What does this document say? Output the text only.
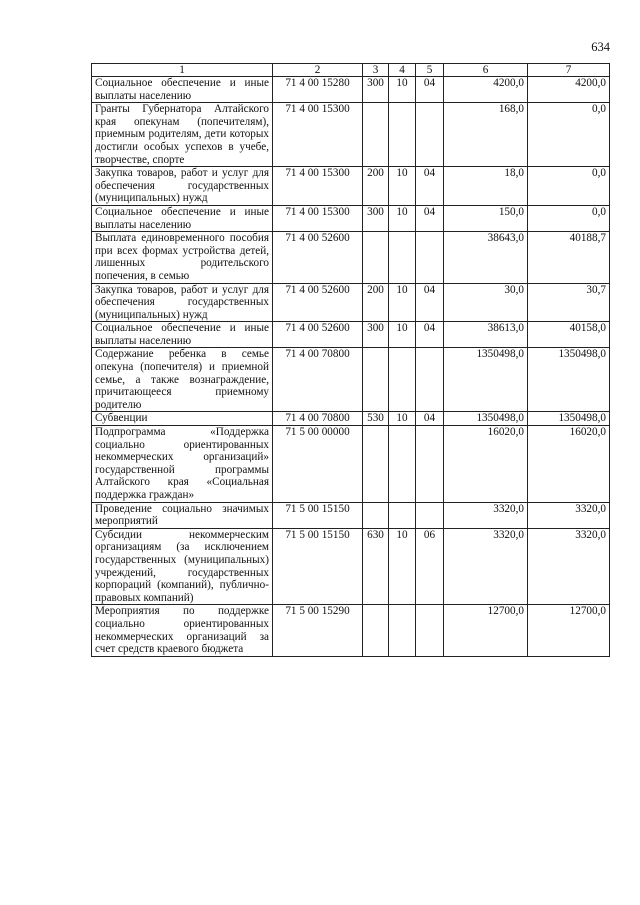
634
1	2	3	4	5	6	7
Социальное обеспечение и иные выплаты населению	71 4 00 15280	300	10	04	4200,0	4200,0
Гранты Губернатора Алтайского края опекунам (попечителям), приемным родителям, дети которых достигли особых успехов в учебе, творчестве, спорте	71 4 00 15300				168,0	0,0
Закупка товаров, работ и услуг для обеспечения государственных (муниципальных) нужд	71 4 00 15300	200	10	04	18,0	0,0
Социальное обеспечение и иные выплаты населению	71 4 00 15300	300	10	04	150,0	0,0
Выплата единовременного пособия при всех формах устройства детей, лишенных родительского попечения, в семью	71 4 00 52600				38643,0	40188,7
Закупка товаров, работ и услуг для обеспечения государственных (муниципальных) нужд	71 4 00 52600	200	10	04	30,0	30,7
Социальное обеспечение и иные выплаты населению	71 4 00 52600	300	10	04	38613,0	40158,0
Содержание ребенка в семье опекуна (попечителя) и приемной семье, а также вознаграждение, причитающееся приемному родителю	71 4 00 70800				1350498,0	1350498,0
Субвенции	71 4 00 70800	530	10	04	1350498,0	1350498,0
Подпрограмма «Поддержка социально ориентированных некоммерческих организаций» государственной программы Алтайского края «Социальная поддержка граждан»	71 5 00 00000				16020,0	16020,0
Проведение социально значимых мероприятий	71 5 00 15150				3320,0	3320,0
Субсидии некоммерческим организациям (за исключением государственных (муниципальных) учреждений, государственных корпораций (компаний), публично-правовых компаний)	71 5 00 15150	630	10	06	3320,0	3320,0
Мероприятия по поддержке социально ориентированных некоммерческих организаций за счет средств краевого бюджета	71 5 00 15290				12700,0	12700,0
